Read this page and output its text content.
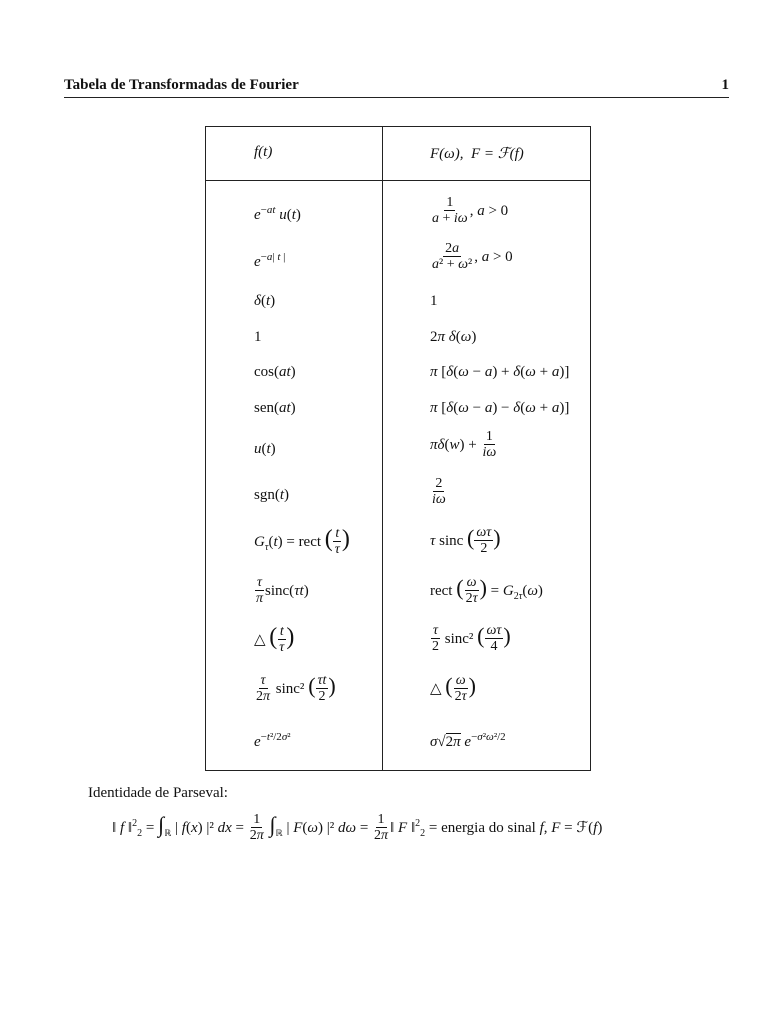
Tabela de Transformadas de Fourier	1
f(t)	F(ω),  F = ℱ(f)
$e^{-at}$ u(t)	$\frac{1}{a + i\omega}$ , a > 0
$e^{-a| t |}$	$\frac{2a}{\text{a² + ω²}}$ , a > 0
δ(t)	1
1	2π δ(ω)
cos(at)	π [δ(ω − a) + δ(ω + a)]
sen(at)	π [δ(ω − a) − δ(ω + a)]
u(t)	$\pi\delta(w) + \frac{1}{i\omega}$
sgn(t)	$\frac{2}{i\omega}$
$G_\tau(t)$ = rect ( $\frac{t}{\tau}$ )	τ sinc ( $\frac{\omega\tau}{2}$ )
$\frac{\tau}{\pi} \sin c(\tau t)$	rect ( $\frac{\omega}{2\tau}$ ) = $G_{2\tau}(\omega)$
△ ( $\frac{t}{\tau}$ )	$\frac{\tau}{2} \sin c^2$ ( $\frac{\omega\tau}{4}$ )
$\frac{\tau}{2\pi} \sin c^2$ ( $\frac{\tau t}{2}$ )	△ ( $\frac{\omega}{2\tau}$ )
$e^{-t^2/2\sigma^2}$	σ√2π $e^{-\sigma^2\omega^2/2}$
Identidade de Parseval:
‖ f ‖$^2_2$ = $\int_ℝ$ | f(x) |² dx = $\frac{1}{2\pi} \int_ℝ$ | F(ω) |² $d\omega = \frac{1}{2\pi}$ ‖ F ‖$^2_2$ = energia do sinal f, F = ℱ(f)
